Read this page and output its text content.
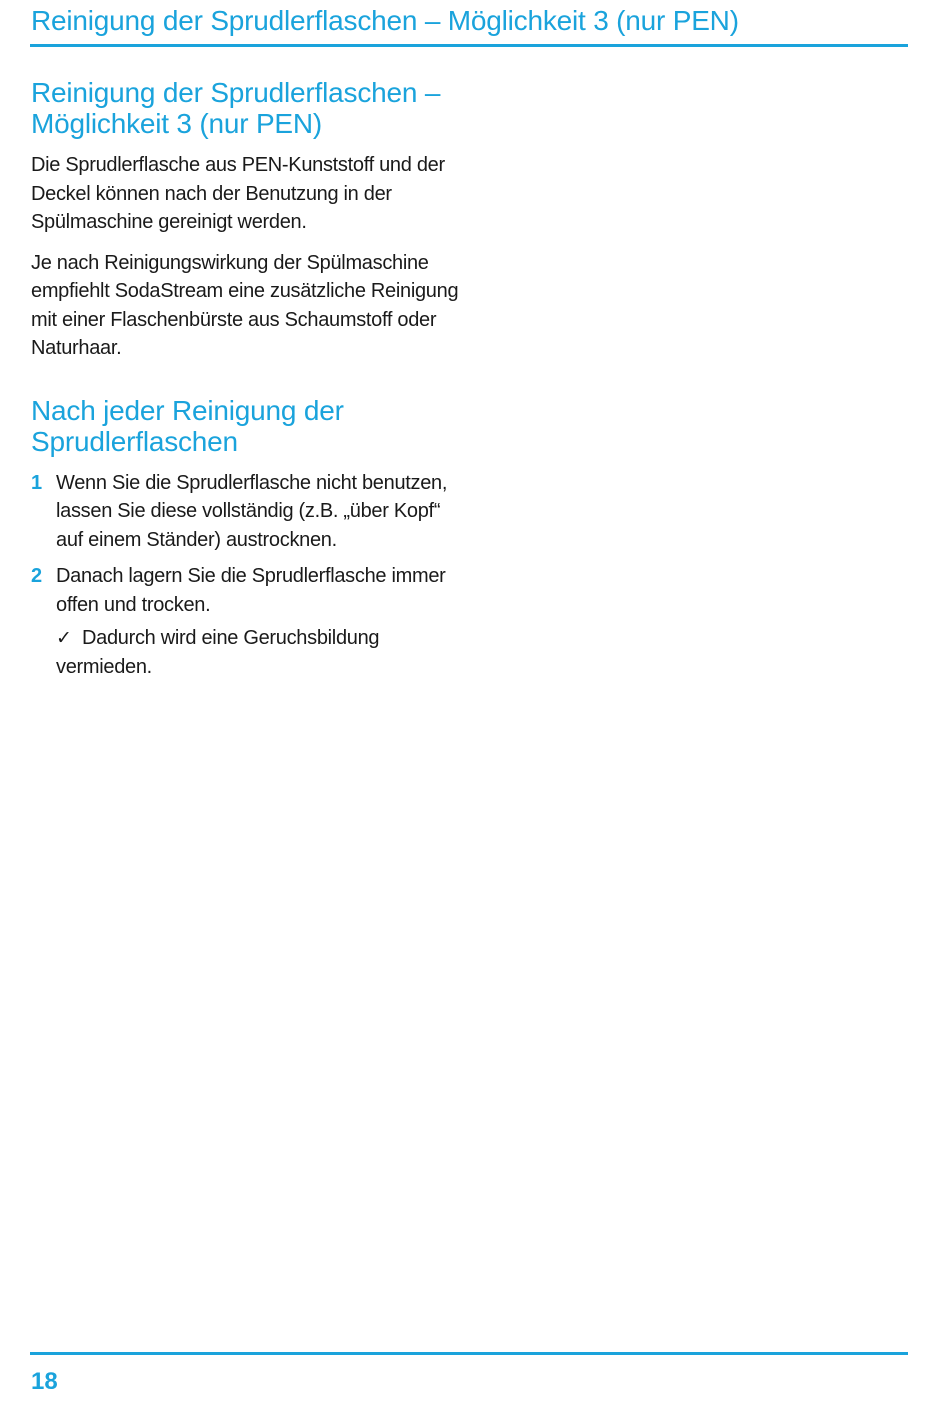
Reinigung der Sprudlerflaschen – Möglichkeit 3 (nur PEN)
Reinigung der Sprudlerflaschen –
Möglichkeit 3 (nur PEN)

Die Sprudlerflasche aus PEN-Kunststoff und der
Deckel können nach der Benutzung in der
Spülmaschine gereinigt werden.

Je nach Reinigungswirkung der Spülmaschine
empfiehlt SodaStream eine zusätzliche Reinigung
mit einer Flaschenbürste aus Schaumstoff oder
Naturhaar.

Nach jeder Reinigung der
Sprudlerflaschen
1 Wenn Sie die Sprudlerflasche nicht benutzen,
lassen Sie diese vollständig (z.B. „über Kopf“
auf einem Ständer) austrocknen.
2 Danach lagern Sie die Sprudlerflasche immer
offen und trocken.
✓ Dadurch wird eine Geruchsbildung
vermieden.
18
